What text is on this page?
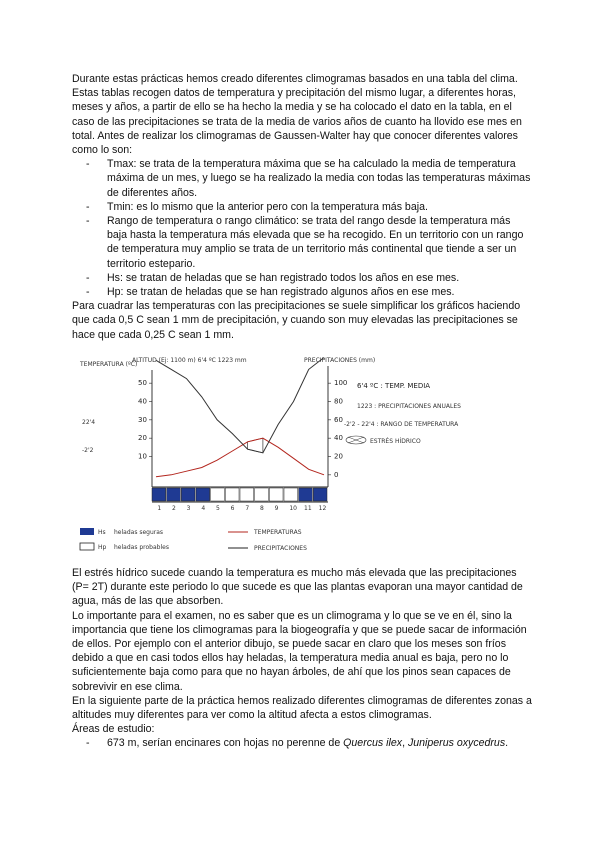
Durante estas prácticas hemos creado diferentes climogramas basados en una tabla del clima. Estas tablas recogen datos de temperatura y precipitación del mismo lugar, a diferentes horas, meses y años, a partir de ello se ha hecho la media y se ha colocado el dato en la tabla, en el caso de las precipitaciones se trata de la media de varios años de cuanto ha llovido ese mes en total. Antes de realizar los climogramas de Gaussen-Walter hay que conocer diferentes valores como lo son:

- Tmax: se trata de la temperatura máxima que se ha calculado la media de temperatura máxima de un mes, y luego se ha realizado la media con todas las temperaturas máximas de diferentes años.
- Tmin: es lo mismo que la anterior pero con la temperatura más baja.
- Rango de temperatura o rango climático: se trata del rango desde la temperatura más baja hasta la temperatura más elevada que se ha recogido. En un territorio con un rango de temperatura muy amplio se trata de un territorio más continental que tiende a ser un territorio estepario.
- Hs: se tratan de heladas que se han registrado todos los años en ese mes.
- Hp: se tratan de heladas que se han registrado algunos años en ese mes.

Para cuadrar las temperaturas con las precipitaciones se suele simplificar los gráficos haciendo que cada 0,5 C sean 1 mm de precipitación, y cuando son muy elevadas las precipitaciones se hace que cada 0,25 C sean 1 mm.

TEMPERATURA (ºC)
PRECIPITACIONES (mm)
ALTITUD (Ej: 1100 m) 6'4 ºC 1223 mm
50
40
30
20
10
22'4
-2'2
100
80
60
40
20
0
1 2 3 4 5 6 7 8 9 10 11 12
6'4 ºC : TEMP. MEDIA
1223 : PRECIPITACIONES ANUALES
-2'2 - 22'4 : RANGO DE TEMPERATURA
ESTRÉS HÍDRICO
Hs heladas seguras
Hp heladas probables
TEMPERATURAS
PRECIPITACIONES

El estrés hídrico sucede cuando la temperatura es mucho más elevada que las precipitaciones (P= 2T) durante este periodo lo que sucede es que las plantas evaporan una mayor cantidad de agua, más de las que absorben.

Lo importante para el examen, no es saber que es un climograma y lo que se ve en él, sino la importancia que tiene los climogramas para la biogeografía y que se puede sacar de información de ellos. Por ejemplo con el anterior dibujo, se puede sacar en claro que los meses son fríos debido a que en casi todos ellos hay heladas, la temperatura media anual es baja, pero no lo suficientemente baja como para que no hayan árboles, de ahí que los pinos sean capaces de sobrevivir en ese clima.

En la siguiente parte de la práctica hemos realizado diferentes climogramas de diferentes zonas a altitudes muy diferentes para ver como la altitud afecta a estos climogramas.

Áreas de estudio:

- 673 m, serían encinares con hojas no perenne de Quercus ilex, Juniperus oxycedrus.
